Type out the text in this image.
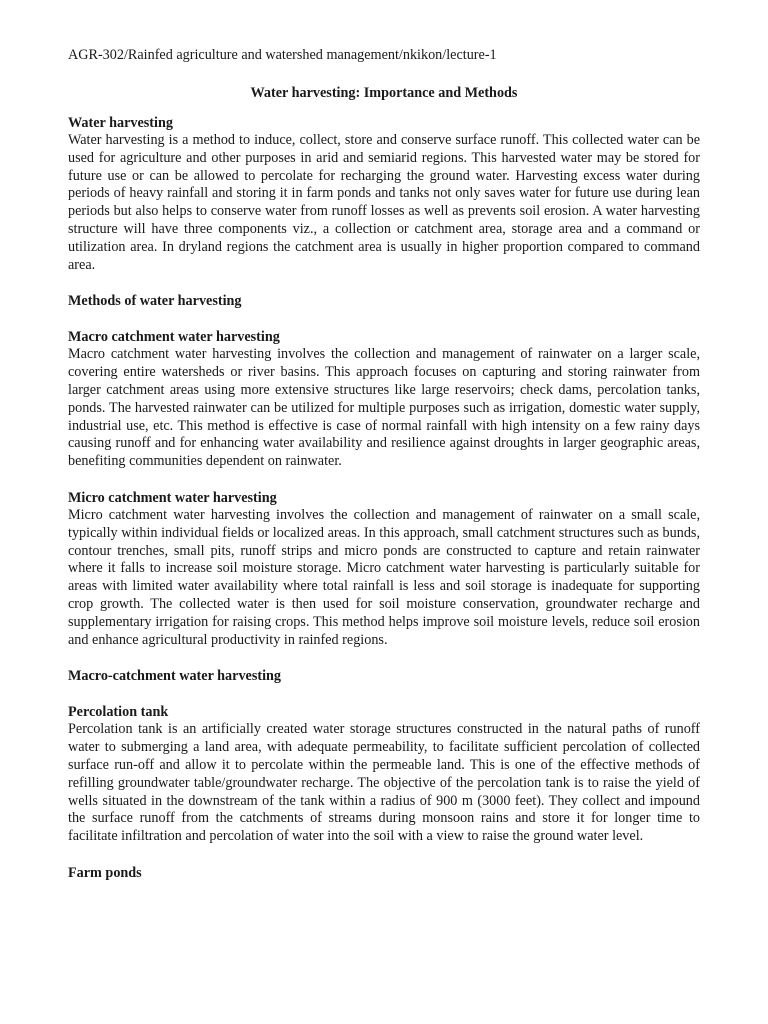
AGR-302/Rainfed agriculture and watershed management/nkikon/lecture-1

Water harvesting: Importance and Methods

Water harvesting

Water harvesting is a method to induce, collect, store and conserve surface runoff. This collected water can be used for agriculture and other purposes in arid and semiarid regions. This harvested water may be stored for future use or can be allowed to percolate for recharging the ground water. Harvesting excess water during periods of heavy rainfall and storing it in farm ponds and tanks not only saves water for future use during lean periods but also helps to conserve water from runoff losses as well as prevents soil erosion. A water harvesting structure will have three components viz., a collection or catchment area, storage area and a command or utilization area. In dryland regions the catchment area is usually in higher proportion compared to command area.

Methods of water harvesting

Macro catchment water harvesting

Macro catchment water harvesting involves the collection and management of rainwater on a larger scale, covering entire watersheds or river basins. This approach focuses on capturing and storing rainwater from larger catchment areas using more extensive structures like large reservoirs; check dams, percolation tanks, ponds. The harvested rainwater can be utilized for multiple purposes such as irrigation, domestic water supply, industrial use, etc. This method is effective is case of normal rainfall with high intensity on a few rainy days causing runoff and for enhancing water availability and resilience against droughts in larger geographic areas, benefiting communities dependent on rainwater.

Micro catchment water harvesting

Micro catchment water harvesting involves the collection and management of rainwater on a small scale, typically within individual fields or localized areas. In this approach, small catchment structures such as bunds, contour trenches, small pits, runoff strips and micro ponds are constructed to capture and retain rainwater where it falls to increase soil moisture storage. Micro catchment water harvesting is particularly suitable for areas with limited water availability where total rainfall is less and soil storage is inadequate for supporting crop growth. The collected water is then used for soil moisture conservation, groundwater recharge and supplementary irrigation for raising crops. This method helps improve soil moisture levels, reduce soil erosion and enhance agricultural productivity in rainfed regions.

Macro-catchment water harvesting

Percolation tank

Percolation tank is an artificially created water storage structures constructed in the natural paths of runoff water to submerging a land area, with adequate permeability, to facilitate sufficient percolation of collected surface run-off and allow it to percolate within the permeable land. This is one of the effective methods of refilling groundwater table/groundwater recharge. The objective of the percolation tank is to raise the yield of wells situated in the downstream of the tank within a radius of 900 m (3000 feet). They collect and impound the surface runoff from the catchments of streams during monsoon rains and store it for longer time to facilitate infiltration and percolation of water into the soil with a view to raise the ground water level.

Farm ponds
